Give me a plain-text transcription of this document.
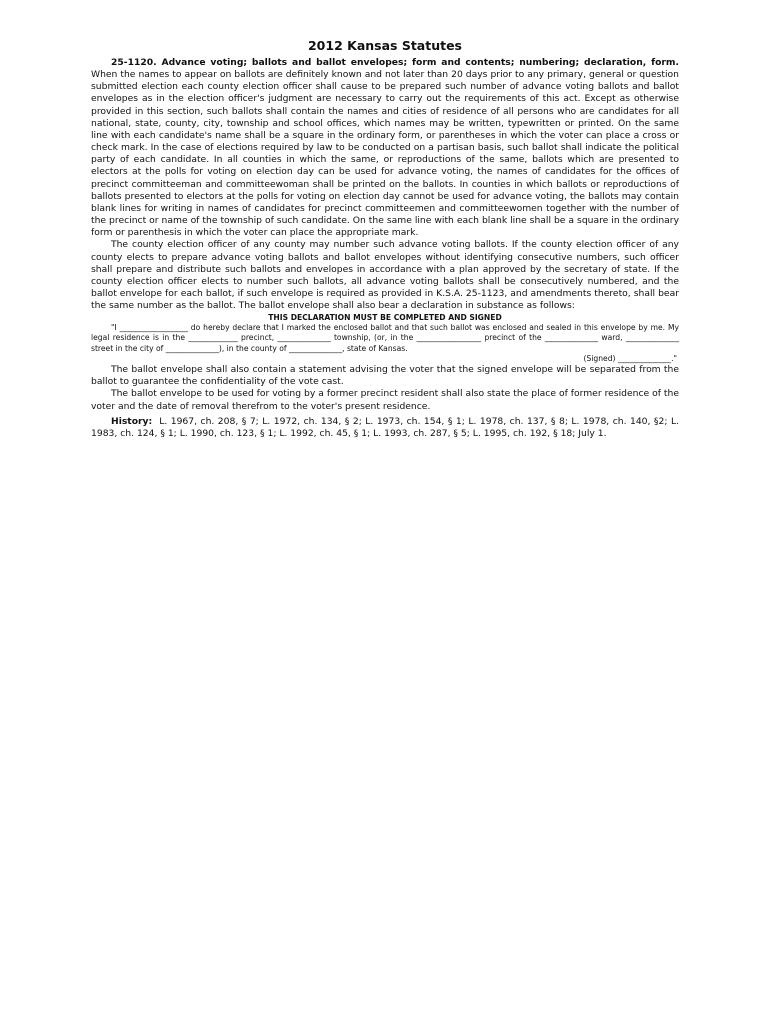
2012 Kansas Statutes

25-1120. Advance voting; ballots and ballot envelopes; form and contents; numbering; declaration, form. When the names to appear on ballots are definitely known and not later than 20 days prior to any primary, general or question submitted election each county election officer shall cause to be prepared such number of advance voting ballots and ballot envelopes as in the election officer's judgment are necessary to carry out the requirements of this act. Except as otherwise provided in this section, such ballots shall contain the names and cities of residence of all persons who are candidates for all national, state, county, city, township and school offices, which names may be written, typewritten or printed. On the same line with each candidate's name shall be a square in the ordinary form, or parentheses in which the voter can place a cross or check mark. In the case of elections required by law to be conducted on a partisan basis, such ballot shall indicate the political party of each candidate. In all counties in which the same, or reproductions of the same, ballots which are presented to electors at the polls for voting on election day can be used for advance voting, the names of candidates for the offices of precinct committeeman and committeewoman shall be printed on the ballots. In counties in which ballots or reproductions of ballots presented to electors at the polls for voting on election day cannot be used for advance voting, the ballots may contain blank lines for writing in names of candidates for precinct committeemen and committeewomen together with the number of the precinct or name of the township of such candidate. On the same line with each blank line shall be a square in the ordinary form or parenthesis in which the voter can place the appropriate mark.

The county election officer of any county may number such advance voting ballots. If the county election officer of any county elects to prepare advance voting ballots and ballot envelopes without identifying consecutive numbers, such officer shall prepare and distribute such ballots and envelopes in accordance with a plan approved by the secretary of state. If the county election officer elects to number such ballots, all advance voting ballots shall be consecutively numbered, and the ballot envelope for each ballot, if such envelope is required as provided in K.S.A. 25-1123, and amendments thereto, shall bear the same number as the ballot. The ballot envelope shall also bear a declaration in substance as follows:

THIS DECLARATION MUST BE COMPLETED AND SIGNED
"I __________________ do hereby declare that I marked the enclosed ballot and that such ballot was enclosed and sealed in this envelope by me. My legal residence is in the _____________ precinct, ______________ township, (or, in the _________________ precinct of the ______________ ward, ______________ street in the city of ______________), in the county of ______________, state of Kansas.
(Signed) ______________."

The ballot envelope shall also contain a statement advising the voter that the signed envelope will be separated from the ballot to guarantee the confidentiality of the vote cast.

The ballot envelope to be used for voting by a former precinct resident shall also state the place of former residence of the voter and the date of removal therefrom to the voter's present residence.

History: L. 1967, ch. 208, § 7; L. 1972, ch. 134, § 2; L. 1973, ch. 154, § 1; L. 1978, ch. 137, § 8; L. 1978, ch. 140, §2; L. 1983, ch. 124, § 1; L. 1990, ch. 123, § 1; L. 1992, ch. 45, § 1; L. 1993, ch. 287, § 5; L. 1995, ch. 192, § 18; July 1.
